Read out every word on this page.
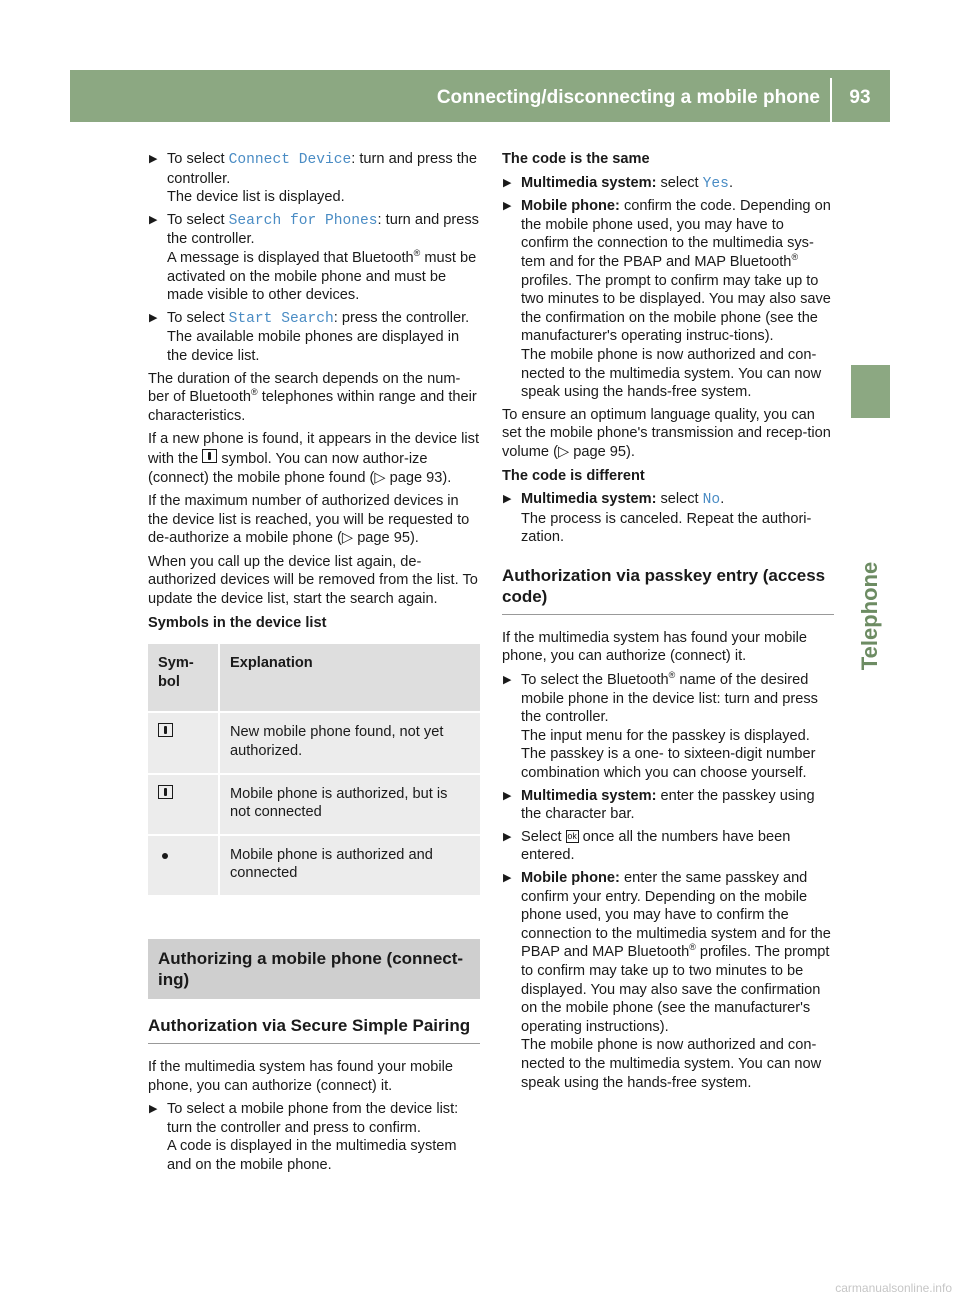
Connecting/disconnecting a mobile phone	93
Telephone
▶ To select Connect Device: turn and press the controller.
The device list is displayed.
▶ To select Search for Phones: turn and press the controller.
A message is displayed that Bluetooth® must be activated on the mobile phone and must be made visible to other devices.
▶ To select Start Search: press the controller.
The available mobile phones are displayed in the device list.

The duration of the search depends on the num-ber of Bluetooth® telephones within range and their characteristics.

If a new phone is found, it appears in the device list with the  symbol. You can now author-ize (connect) the mobile phone found (▷ page 93).

If the maximum number of authorized devices in the device list is reached, you will be requested to de-authorize a mobile phone (▷ page 95).

When you call up the device list again, de-authorized devices will be removed from the list. To update the device list, start the search again.

Symbols in the device list

Sym-bol
Explanation
New mobile phone found, not yet authorized.
Mobile phone is authorized, but is not connected
Mobile phone is authorized and connected
Authorizing a mobile phone (connect-ing)
Authorization via Secure Simple Pairing

If the multimedia system has found your mobile phone, you can authorize (connect) it.

▶ To select a mobile phone from the device list: turn the controller and press to confirm.
A code is displayed in the multimedia system and on the mobile phone.

The code is the same

▶ Multimedia system: select Yes.
▶ Mobile phone: confirm the code. Depending on the mobile phone used, you may have to confirm the connection to the multimedia sys-tem and for the PBAP and MAP Bluetooth® profiles. The prompt to confirm may take up to two minutes to be displayed. You may also save the confirmation on the mobile phone (see the manufacturer's operating instruc-tions).
The mobile phone is now authorized and con-nected to the multimedia system. You can now speak using the hands-free system.

To ensure an optimum language quality, you can set the mobile phone's transmission and recep-tion volume (▷ page 95).

The code is different

▶ Multimedia system: select No.
The process is canceled. Repeat the authori-zation.
Authorization via passkey entry (access code)

If the multimedia system has found your mobile phone, you can authorize (connect) it.

▶ To select the Bluetooth® name of the desired mobile phone in the device list: turn and press the controller.
The input menu for the passkey is displayed.
The passkey is a one- to sixteen-digit number combination which you can choose yourself.
▶ Multimedia system: enter the passkey using the character bar.
▶ Select ok once all the numbers have been entered.
▶ Mobile phone: enter the same passkey and confirm your entry. Depending on the mobile phone used, you may have to confirm the connection to the multimedia system and for the PBAP and MAP Bluetooth® profiles. The prompt to confirm may take up to two minutes to be displayed. You may also save the confirmation on the mobile phone (see the manufacturer's operating instructions).
The mobile phone is now authorized and con-nected to the multimedia system. You can now speak using the hands-free system.
carmanualsonline.info
